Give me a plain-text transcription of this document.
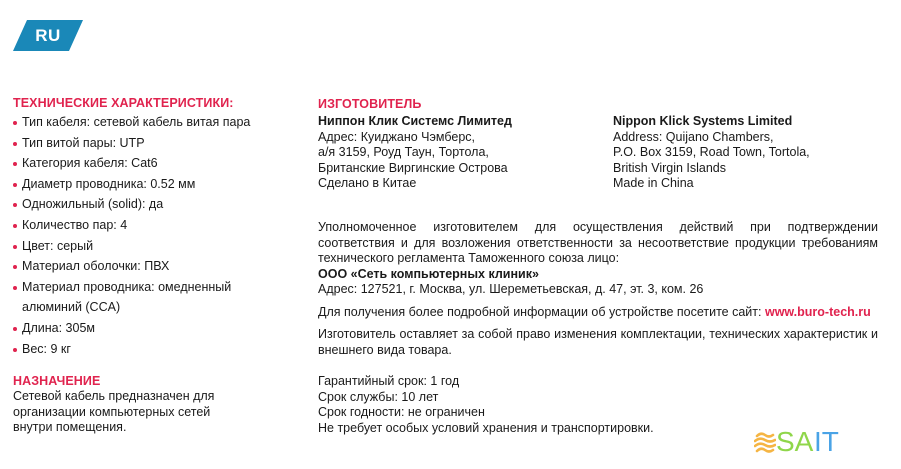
RU
ТЕХНИЧЕСКИЕ ХАРАКТЕРИСТИКИ:
Тип кабеля: сетевой кабель витая пара
Тип витой пары: UTP
Категория кабеля: Cat6
Диаметр проводника: 0.52 мм
Одножильный (solid): да
Количество пар: 4
Цвет: серый
Материал оболочки: ПВХ
Материал проводника: омедненный
алюминий (CCA)
Длина: 305м
Вес: 9 кг
НАЗНАЧЕНИЕ

Сетевой кабель предназначен для

организации компьютерных сетей

внутри помещения.

ИЗГОТОВИТЕЛЬ
Ниппон Клик Системс Лимитед
Адрес: Куиджано Чэмберс,
а/я 3159, Роуд Таун, Тортола,
Британские Виргинские Острова
Сделано в Китае
Nippon Klick Systems Limited
Address: Quijano Chambers,
P.O. Box 3159, Road Town, Tortola,
British Virgin Islands
Made in China
Уполномоченное изготовителем для осуществления действий при подтверждении соответствия и для возложения ответственности за несоответствие продукции требованиям технического регламента Таможенного союза лицо:
ООО «Сеть компьютерных клиник»
Адрес: 127521, г. Москва, ул. Шереметьевская, д. 47, эт. 3, ком. 26
Для получения более подробной информации об устройстве посетите сайт: www.buro-tech.ru
Изготовитель оставляет за собой право изменения комплектации, технических характеристик и внешнего вида товара.
Гарантийный срок: 1 год
Срок службы: 10 лет
Срок годности: не ограничен
Не требует особых условий хранения и транспортировки.	SA IT
